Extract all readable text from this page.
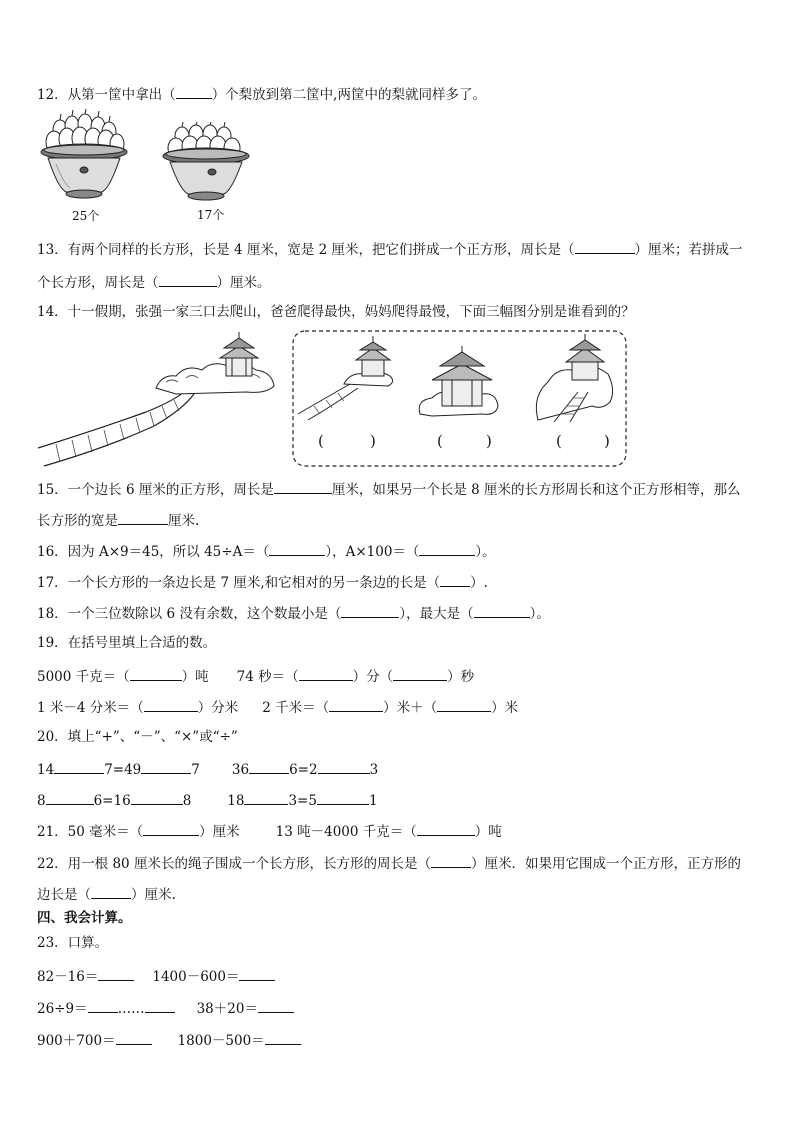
12．从第一筐中拿出（	）个梨放到第二筐中,两筐中的梨就同样多了。
25个	17个
13．有两个同样的长方形，长是 4 厘米，宽是 2 厘米，把它们拼成一个正方形，周长是（	）厘米；若拼成一
个长方形，周长是（	）厘米。
14．十一假期，张强一家三口去爬山，爸爸爬得最快，妈妈爬得最慢，下面三幅图分别是谁看到的？
(	)	(	)	(	)
15．一个边长 6 厘米的正方形，周长是	厘米，如果另一个长是 8 厘米的长方形周长和这个正方形相等，那么
长方形的宽是	厘米.
16．因为 A×9＝45，所以 45÷A＝（	），A×100＝（	）。
17．一个长方形的一条边长是 7 厘米,和它相对的另一条边的长是（ ）.
18．一个三位数除以 6 没有余数，这个数最小是（	），最大是（	）。
19．在括号里填上合适的数。
5000 千克＝（	）吨 74 秒＝（	）分（	）秒
1 米－4 分米＝（	）分米 2 千米＝（	）米＋（	）米
20．填上“+”、“－”、“×”或“÷”
14	7=49	7 36	6=2	3
8	6=16	8	18	3=5	1
21．50 毫米＝（	）厘米	13 吨－4000 千克＝（	）吨
22．用一根 80 厘米长的绳子围成一个长方形，长方形的周长是（	）厘米．如果用它围成一个正方形，正方形的
边长是（	）厘米.
四、我会计算。
23．口算。
82－16＝	1400－600＝
26÷9＝ ……	38＋20＝
900＋700＝	1800－500＝
